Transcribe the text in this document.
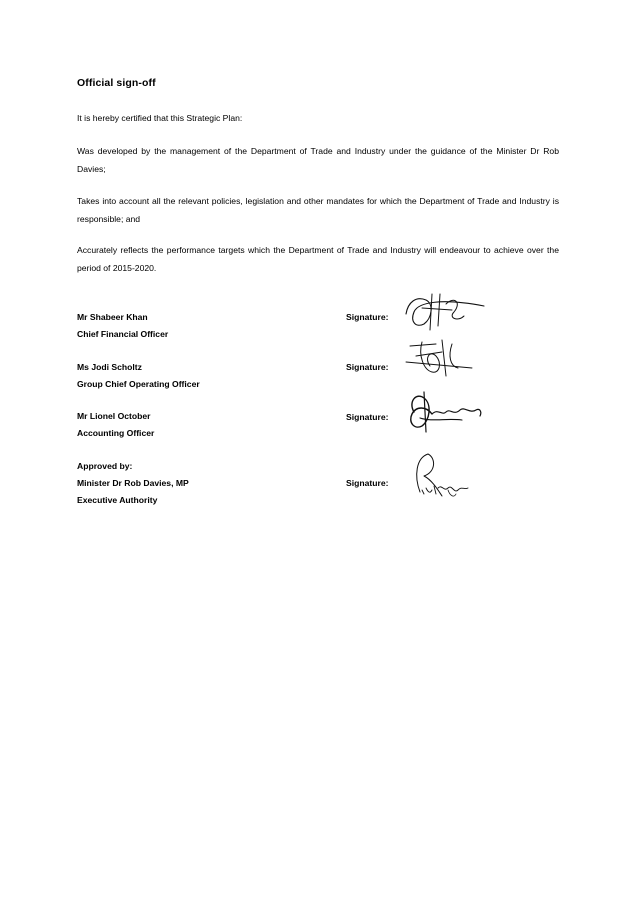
Official sign-off

It is hereby certified that this Strategic Plan:

Was developed by the management of the Department of Trade and Industry under the guidance of the Minister Dr Rob Davies;

Takes into account all the relevant policies, legislation and other mandates for which the Department of Trade and Industry is responsible; and

Accurately reflects the performance targets which the Department of Trade and Industry will endeavour to achieve over the period of 2015-2020.

Mr Shabeer Khan
Chief Financial Officer
Signature:
Ms Jodi Scholtz
Group Chief Operating Officer
Signature:
Mr Lionel October
Accounting Officer
Signature:
Approved by:
Minister Dr Rob Davies, MP
Executive Authority
Signature:
